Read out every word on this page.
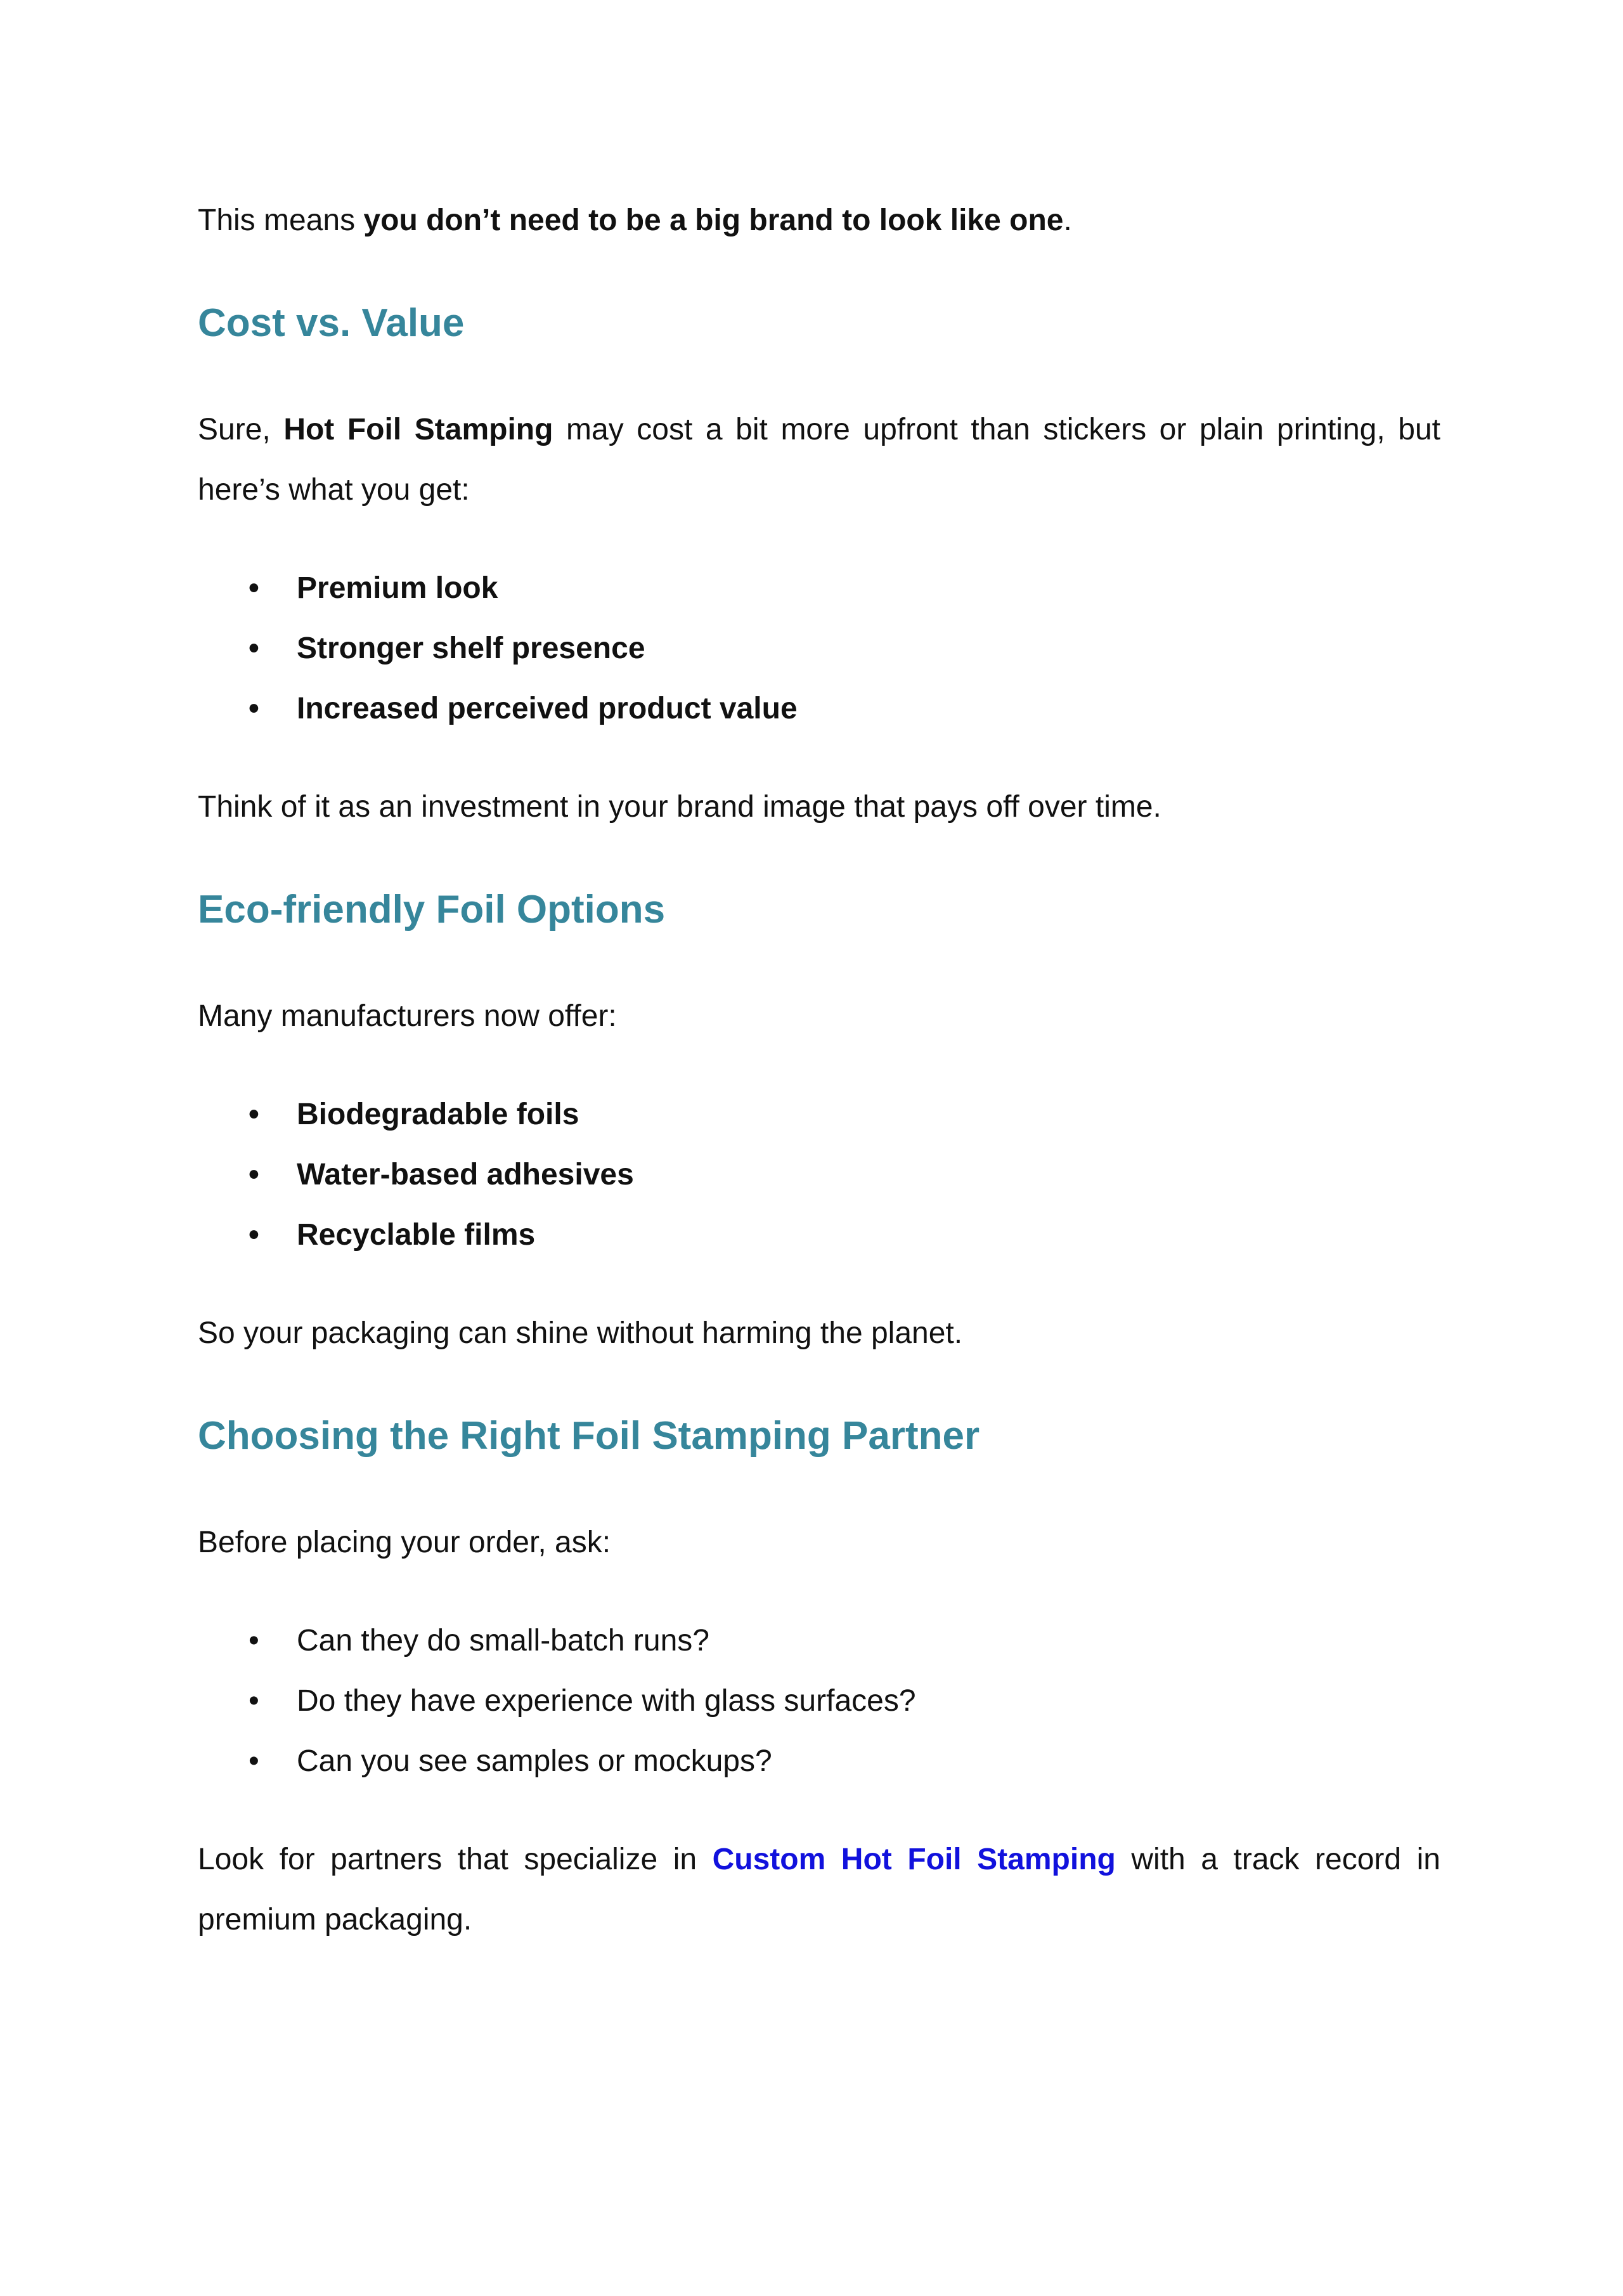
This means you don’t need to be a big brand to look like one.

Cost vs. Value

Sure, Hot Foil Stamping may cost a bit more upfront than stickers or plain printing, but here’s what you get:

• Premium look
• Stronger shelf presence
• Increased perceived product value

Think of it as an investment in your brand image that pays off over time.

Eco-friendly Foil Options

Many manufacturers now offer:

• Biodegradable foils
• Water-based adhesives
• Recyclable films

So your packaging can shine without harming the planet.

Choosing the Right Foil Stamping Partner

Before placing your order, ask:

• Can they do small-batch runs?
• Do they have experience with glass surfaces?
• Can you see samples or mockups?

Look for partners that specialize in Custom Hot Foil Stamping with a track record in premium packaging.
